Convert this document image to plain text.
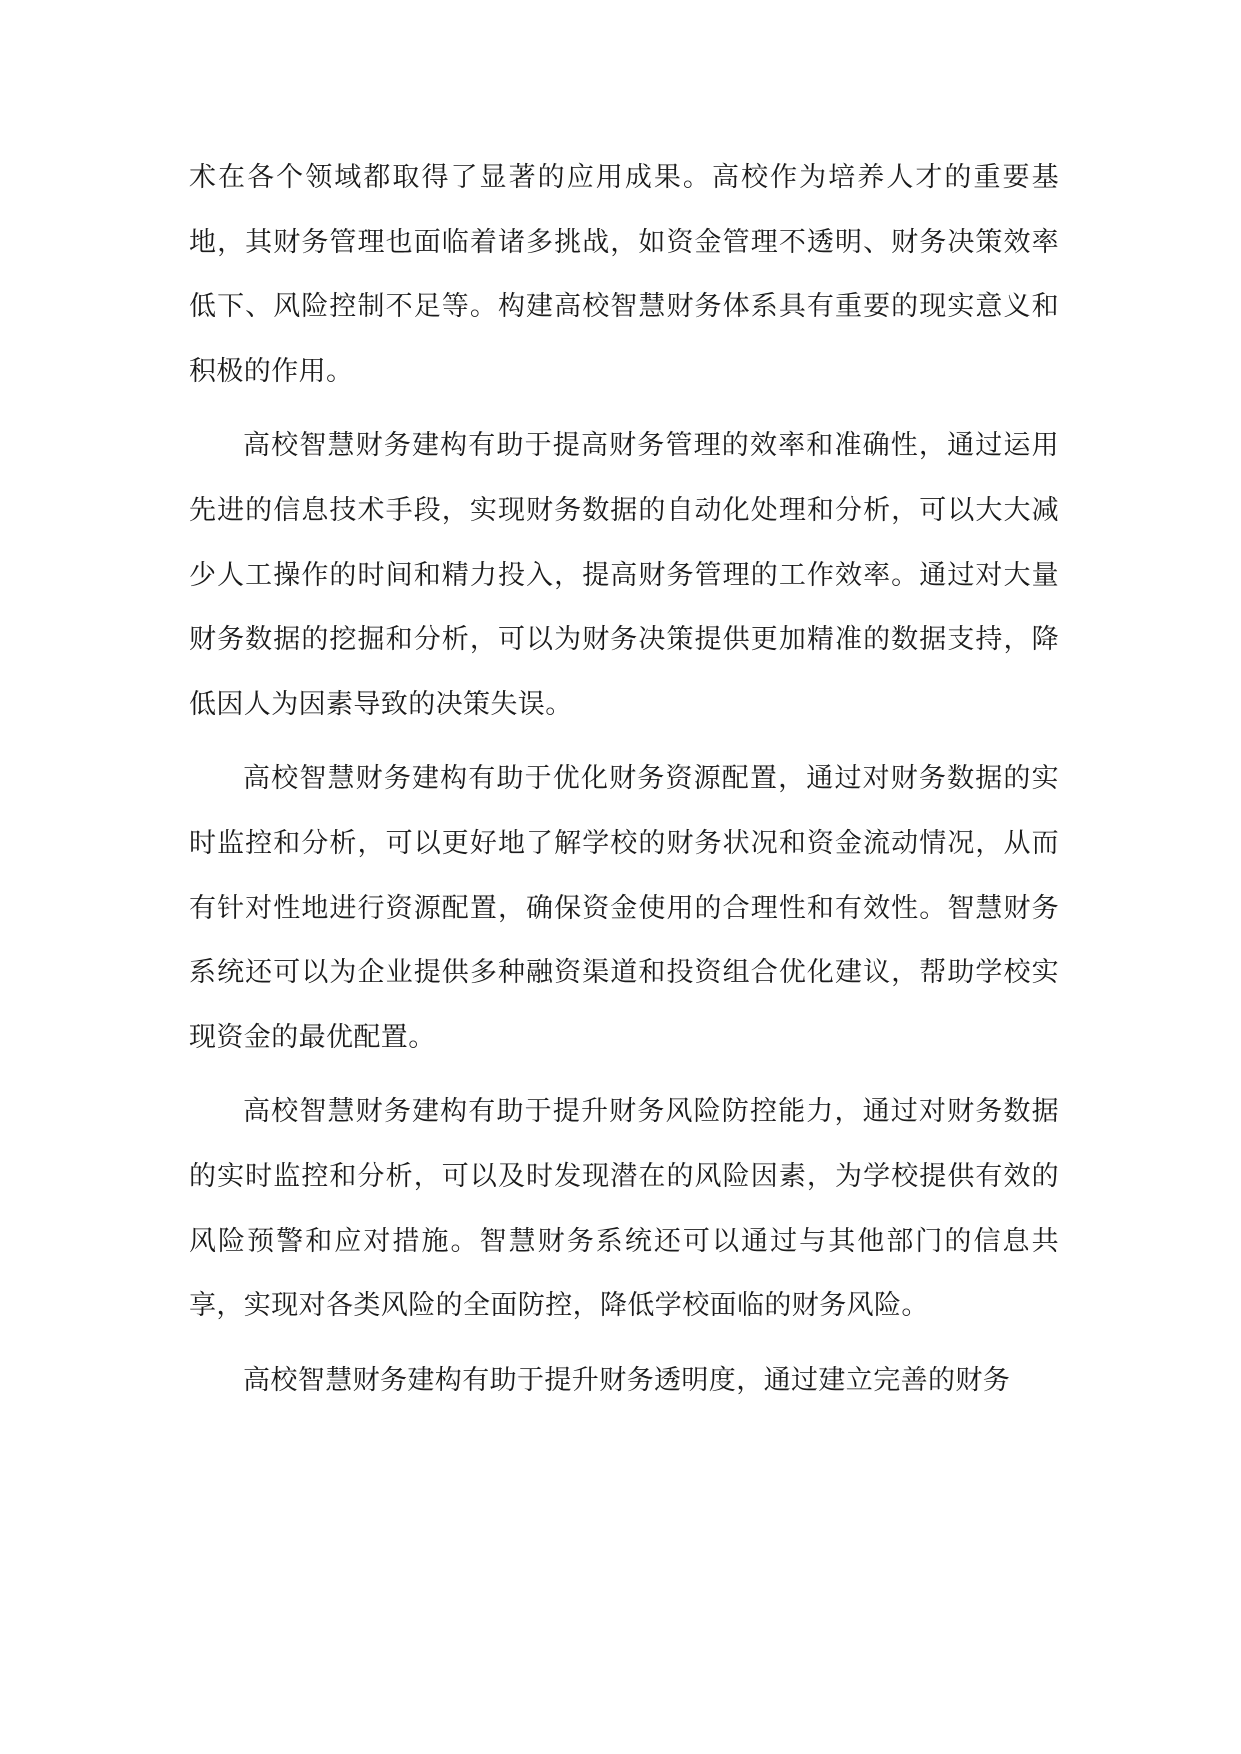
术在各个领域都取得了显著的应用成果。高校作为培养人才的重要基地，其财务管理也面临着诸多挑战，如资金管理不透明、财务决策效率低下、风险控制不足等。构建高校智慧财务体系具有重要的现实意义和积极的作用。

高校智慧财务建构有助于提高财务管理的效率和准确性，通过运用先进的信息技术手段，实现财务数据的自动化处理和分析，可以大大减少人工操作的时间和精力投入，提高财务管理的工作效率。通过对大量财务数据的挖掘和分析，可以为财务决策提供更加精准的数据支持，降低因人为因素导致的决策失误。

高校智慧财务建构有助于优化财务资源配置，通过对财务数据的实时监控和分析，可以更好地了解学校的财务状况和资金流动情况，从而有针对性地进行资源配置，确保资金使用的合理性和有效性。智慧财务系统还可以为企业提供多种融资渠道和投资组合优化建议，帮助学校实现资金的最优配置。

高校智慧财务建构有助于提升财务风险防控能力，通过对财务数据的实时监控和分析，可以及时发现潜在的风险因素，为学校提供有效的风险预警和应对措施。智慧财务系统还可以通过与其他部门的信息共享，实现对各类风险的全面防控，降低学校面临的财务风险。

高校智慧财务建构有助于提升财务透明度，通过建立完善的财务
